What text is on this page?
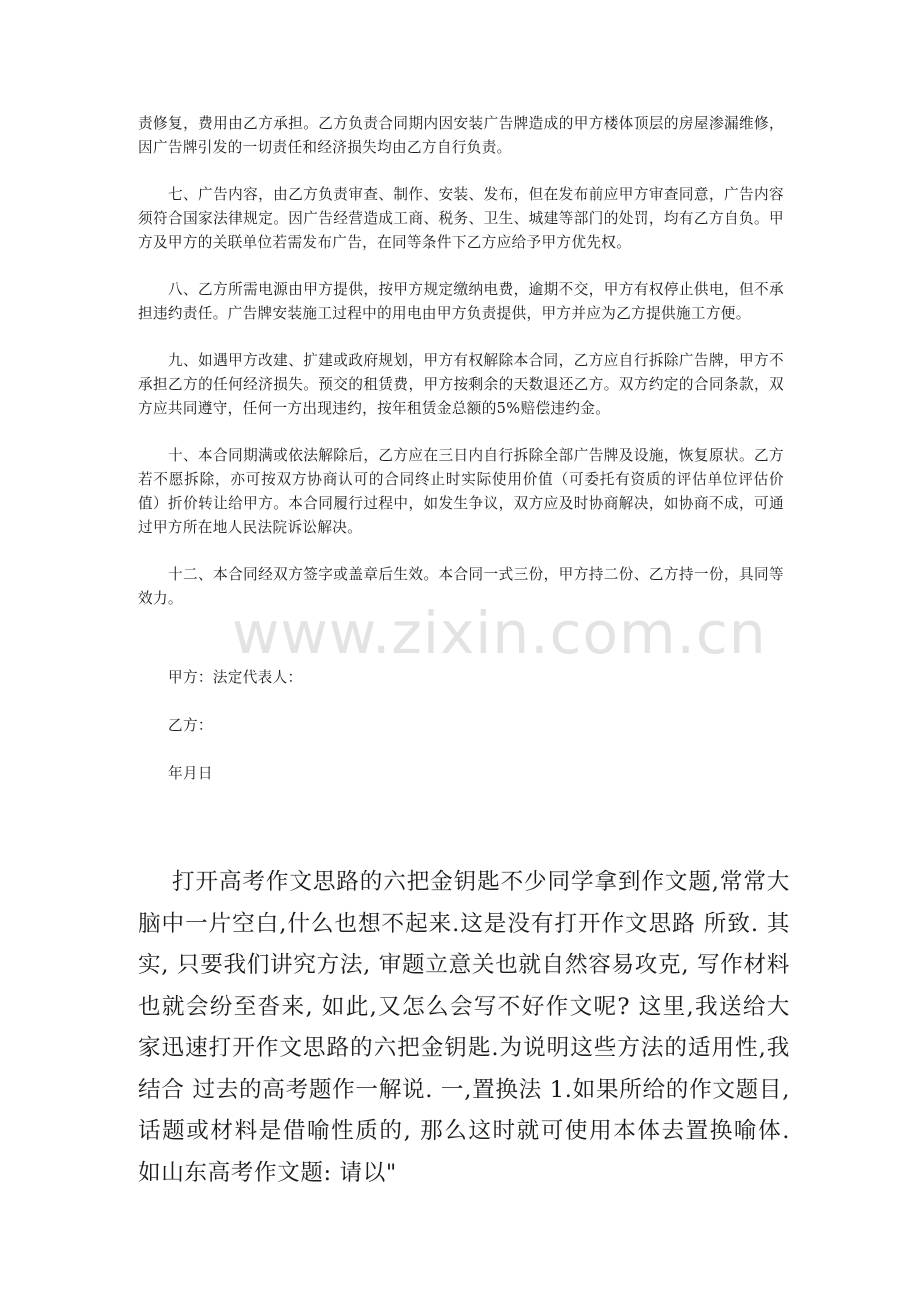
责修复，费用由乙方承担。乙方负责合同期内因安装广告牌造成的甲方楼体顶层的房屋渗漏维修，因广告牌引发的一切责任和经济损失均由乙方自行负责。

七、广告内容，由乙方负责审查、制作、安装、发布，但在发布前应甲方审查同意，广告内容须符合国家法律规定。因广告经营造成工商、税务、卫生、城建等部门的处罚，均有乙方自负。甲方及甲方的关联单位若需发布广告，在同等条件下乙方应给予甲方优先权。

八、乙方所需电源由甲方提供，按甲方规定缴纳电费，逾期不交，甲方有权停止供电，但不承担违约责任。广告牌安装施工过程中的用电由甲方负责提供，甲方并应为乙方提供施工方便。

九、如遇甲方改建、扩建或政府规划，甲方有权解除本合同，乙方应自行拆除广告牌，甲方不承担乙方的任何经济损失。预交的租赁费，甲方按剩余的天数退还乙方。双方约定的合同条款，双方应共同遵守，任何一方出现违约，按年租赁金总额的5%赔偿违约金。

十、本合同期满或依法解除后，乙方应在三日内自行拆除全部广告牌及设施，恢复原状。乙方若不愿拆除，亦可按双方协商认可的合同终止时实际使用价值（可委托有资质的评估单位评估价值）折价转让给甲方。本合同履行过程中，如发生争议，双方应及时协商解决，如协商不成，可通过甲方所在地人民法院诉讼解决。

十二、本合同经双方签字或盖章后生效。本合同一式三份，甲方持二份、乙方持一份，具同等效力。

甲方：法定代表人：
乙方：
年月日

打开高考作文思路的六把金钥匙不少同学拿到作文题,常常大脑中一片空白,什么也想不起来.这是没有打开作文思路 所致. 其实, 只要我们讲究方法, 审题立意关也就自然容易攻克, 写作材料也就会纷至沓来, 如此,又怎么会写不好作文呢? 这里,我送给大家迅速打开作文思路的六把金钥匙.为说明这些方法的适用性,我结合 过去的高考题作一解说. 一,置换法 1.如果所给的作文题目, 话题或材料是借喻性质的, 那么这时就可使用本体去置换喻体. 如山东高考作文题: 请以"

www.zixin.com.cn
